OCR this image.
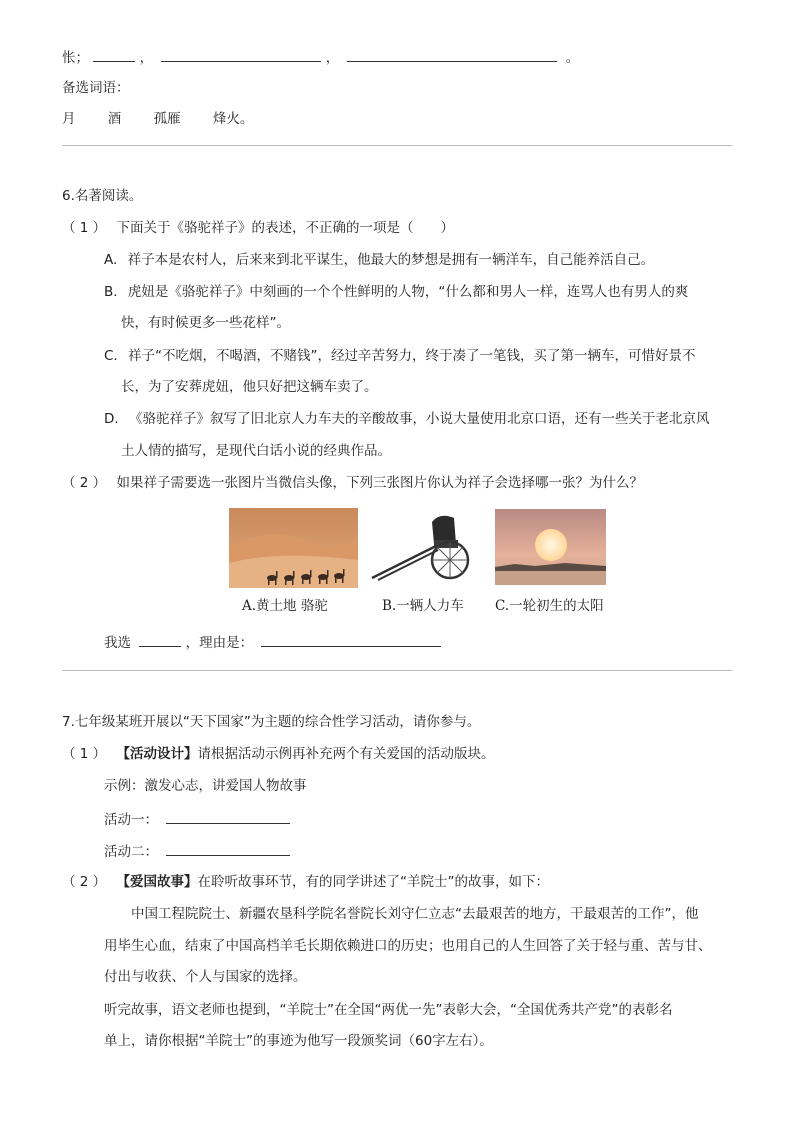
怅；	，	，	。
备选词语：
月 酒 孤雁 烽火。
6.名著阅读。
（ 1 ） 下面关于《骆驼祥子》的表述，不正确的一项是（　　）
A. 祥子本是农村人，后来来到北平谋生，他最大的梦想是拥有一辆洋车，自己能养活自己。
B. 虎妞是《骆驼祥子》中刻画的一个个性鲜明的人物，“什么都和男人一样，连骂人也有男人的爽
快，有时候更多一些花样”。
C. 祥子“不吃烟，不喝酒，不赌钱”，经过辛苦努力，终于凑了一笔钱，买了第一辆车，可惜好景不
长，为了安葬虎妞，他只好把这辆车卖了。
D. 《骆驼祥子》叙写了旧北京人力车夫的辛酸故事，小说大量使用北京口语，还有一些关于老北京风
土人情的描写，是现代白话小说的经典作品。
（ 2 ） 如果祥子需要选一张图片当微信头像，下列三张图片你认为祥子会选择哪一张？为什么？
A.黄土地 骆驼	B.一辆人力车 C.一轮初生的太阳
我选	，理由是：
7.七年级某班开展以“天下国家”为主题的综合性学习活动，请你参与。
（ 1 ） 【活动设计】请根据活动示例再补充两个有关爱国的活动版块。
示例：激发心志，讲爱国人物故事
活动一：
活动二：
（ 2 ） 【爱国故事】在聆听故事环节，有的同学讲述了“羊院士”的故事，如下：
中国工程院院士、新疆农垦科学院名誉院长刘守仁立志“去最艰苦的地方，干最艰苦的工作”，他
用毕生心血，结束了中国高档羊毛长期依赖进口的历史；也用自己的人生回答了关于轻与重、苦与甘、
付出与收获、个人与国家的选择。
听完故事，语文老师也提到，“羊院士”在全国“两优一先”表彰大会，“全国优秀共产党”的表彰名
单上，请你根据“羊院士”的事迹为他写一段颁奖词（60字左右）。
